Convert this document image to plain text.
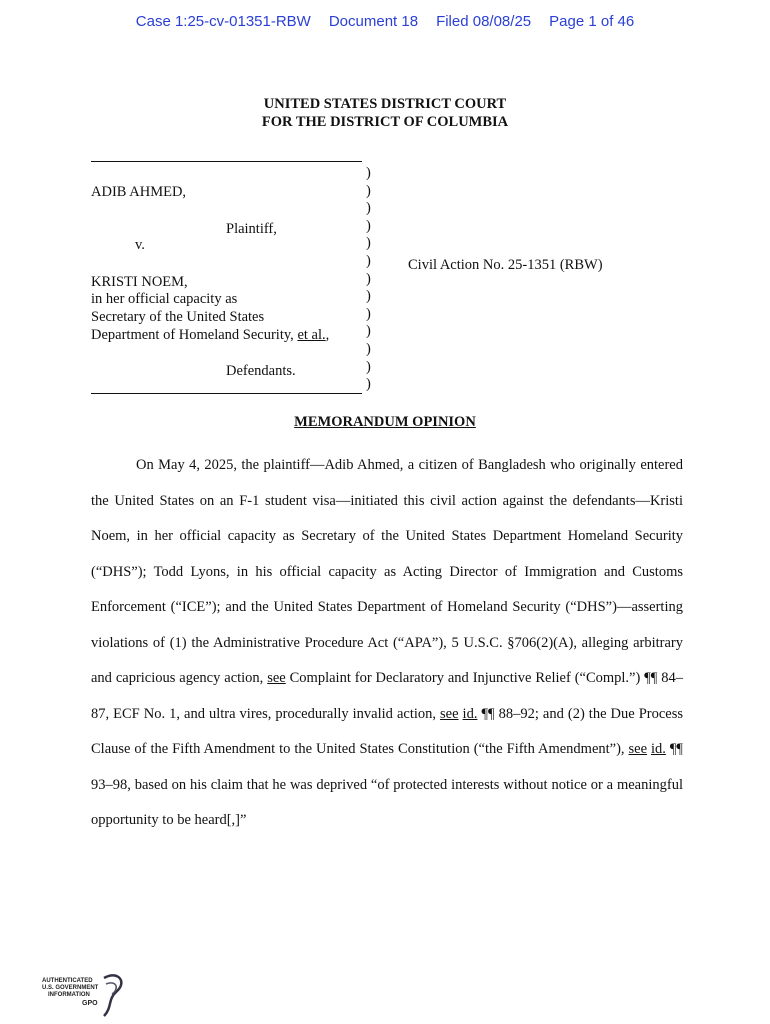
Case 1:25-cv-01351-RBW Document 18 Filed 08/08/25 Page 1 of 46
UNITED STATES DISTRICT COURT
FOR THE DISTRICT OF COLUMBIA
)
)
)
)
)
)
)
)
)
)
)
)
)
ADIB AHMED,
Plaintiff,
v.
KRISTI NOEM,
in her official capacity as
Secretary of the United States
Department of Homeland Security, et al.,
Defendants.
Civil Action No. 25-1351 (RBW)
MEMORANDUM OPINION

On May 4, 2025, the plaintiff—Adib Ahmed, a citizen of Bangladesh who originally entered the United States on an F-1 student visa—initiated this civil action against the defendants—Kristi Noem, in her official capacity as Secretary of the United States Department Homeland Security (“DHS”); Todd Lyons, in his official capacity as Acting Director of Immigration and Customs Enforcement (“ICE”); and the United States Department of Homeland Security (“DHS”)—asserting violations of (1) the Administrative Procedure Act (“APA”), 5 U.S.C. §706(2)(A), alleging arbitrary and capricious agency action, see Complaint for Declaratory and Injunctive Relief (“Compl.”) ¶¶ 84–87, ECF No. 1, and ultra vires, procedurally invalid action, see id. ¶¶ 88–92; and (2) the Due Process Clause of the Fifth Amendment to the United States Constitution (“the Fifth Amendment”), see id. ¶¶ 93–98, based on his claim that he was deprived “of protected interests without notice or a meaningful opportunity to be heard[,]”

AUTHENTICATED
U.S. GOVERNMENT
INFORMATION
GPO
